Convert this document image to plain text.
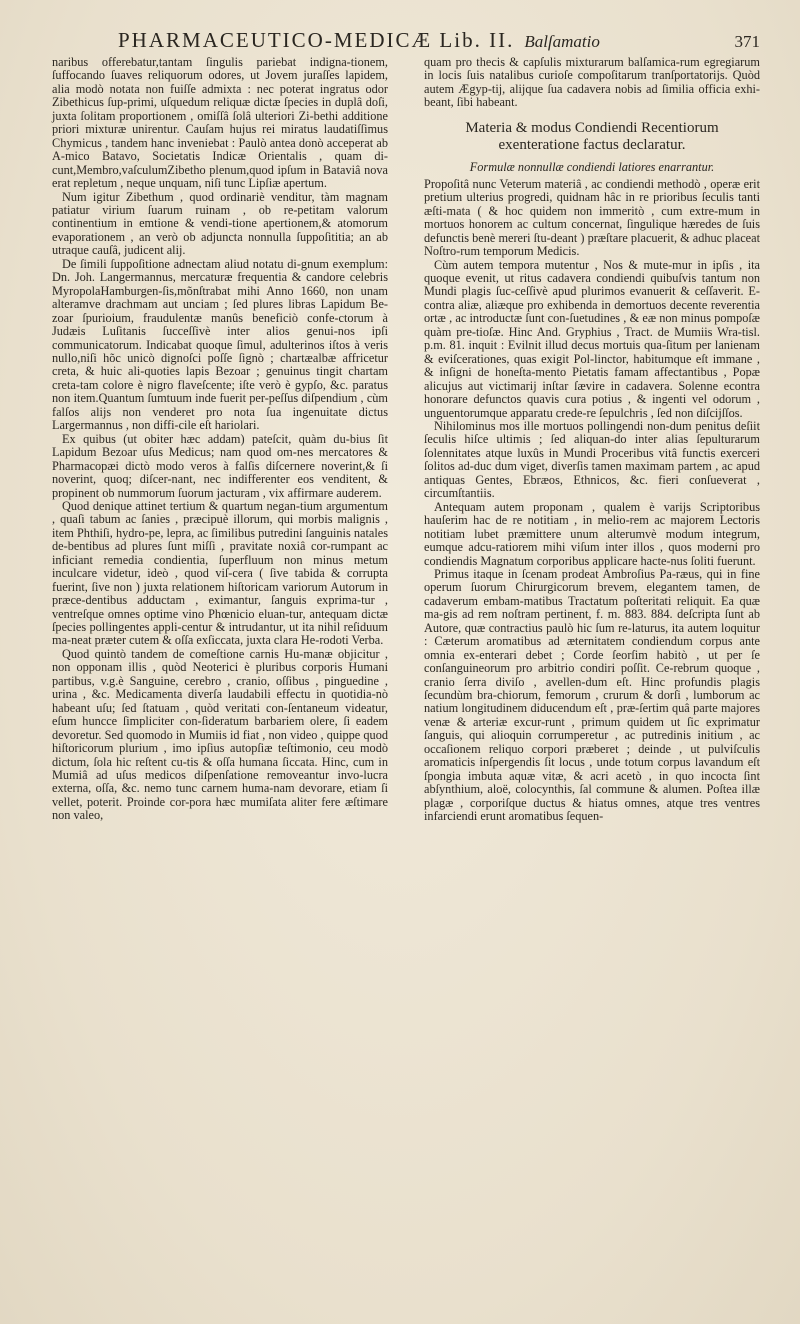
PHARMACEUTICO-MEDICÆ Lib. II. Balſamatio	371

naribus offerebatur,tantam ſingulis pariebat indigna-tionem, ſuffocando ſuaves reliquorum odores, ut Jovem juraſſes lapidem, alia modò notata non fuiſſe admixta : nec poterat ingratus odor Zibethicus ſup-primi, uſquedum reliquæ dictæ ſpecies in duplâ doſi, juxta ſolitam proportionem , omiſſâ ſolâ ulteriori Zi-bethi additione priori mixturæ unirentur. Cauſam hujus rei miratus laudatiſſimus Chymicus , tandem hanc inveniebat : Paulò antea donò acceperat ab A-mico Batavo, Societatis Indicæ Orientalis , quam di-cunt,Membro,vaſculumZibetho plenum,quod ipſum in Bataviâ nova erat repletum , neque unquam, niſi tunc Lipſiæ apertum.

Num igitur Zibethum , quod ordinariè venditur, tàm magnam patiatur virium ſuarum ruinam , ob re-petitam valorum continentium in emtione & vendi-tione apertionem,& atomorum evaporationem , an verò ob adjuncta nonnulla ſuppoſititia; an ab utraque cauſâ, judicent alij.

De ſimili ſuppoſitione adnectam aliud notatu di-gnum exemplum: Dn. Joh. Langermannus, mercaturæ frequentia & candore celebris MyropolaHamburgen-ſis,mõnſtrabat mihi Anno 1660, non unam alteramve drachmam aut unciam ; ſed plures libras Lapidum Be-zoar ſpurioium, fraudulentæ manûs beneficiò confe-ctorum à Judæis Luſitanis ſucceſſivè inter alios genui-nos ipſi communicatorum. Indicabat quoque ſimul, adulterinos iſtos à veris nullo,niſi hõc unicò dignoſci poſſe ſignò ; chartæalbæ affricetur creta, & huic ali-quoties lapis Bezoar ; genuinus tingit chartam creta-tam colore è nigro flaveſcente; iſte verò è gypſo, &c. paratus non item.Quantum ſumtuum inde fuerit per-peſſus diſpendium , cùm falſos alijs non venderet pro nota ſua ingenuitate dictus Largermannus , non diffi-cile eſt hariolari.

Ex quibus (ut obiter hæc addam) pateſcit, quàm du-bius ſit Lapidum Bezoar uſus Medicus; nam quod om-nes mercatores & Pharmacopæi dictò modo veros à falſis diſcernere noverint,& ſi noverint, quoq; diſcer-nant, nec indifferenter eos venditent, & propinent ob nummorum ſuorum jacturam , vix affirmare auderem.

Quod denique attinet tertium & quartum negan-tium argumentum , quaſi tabum ac ſanies , præcipuè illorum, qui morbis malignis , item Phthiſi, hydro-pe, lepra, ac ſimilibus putredini ſanguinis natales de-bentibus ad plures ſunt miſſi , pravitate noxiâ cor-rumpant ac inficiant remedia condientia, ſuperfluum non minus metum inculcare videtur, ideò , quod viſ-cera ( ſive tabida & corrupta fuerint, ſive non ) juxta relationem hiſtoricam variorum Autorum in præce-dentibus adductam , eximantur, ſanguis exprima-tur , ventreſque omnes optime vino Phœnicio eluan-tur, antequam dictæ ſpecies pollingentes appli-centur & intrudantur, ut ita nihil reſiduum ma-neat præter cutem & oſſa exſiccata, juxta clara He-rodoti Verba.

Quod quintò tandem de comeſtione carnis Hu-manæ objicitur , non opponam illis , quòd Neoterici è pluribus corporis Humani partibus, v.g.è Sanguine, cerebro , cranio, oſſibus , pinguedine , urina , &c. Medicamenta diverſa laudabili effectu in quotidia-nò habeant uſu; ſed ſtatuam , quòd veritati con-ſentaneum videatur, eſum huncce ſimpliciter con-ſideratum barbariem olere, ſi eadem devoretur. Sed quomodo in Mumiis id fiat , non video , quippe quod hiſtoricorum plurium , imo ipſius autopſiæ teſtimonio, ceu modò dictum, ſola hic reſtent cu-tis & oſſa humana ſiccata. Hinc, cum in Mumiâ ad uſus medicos diſpenſatione removeantur invo-lucra externa, oſſa, &c. nemo tunc carnem huma-nam devorare, etiam ſi vellet, poterit. Proinde cor-pora hæc mumiſata aliter fere æſtimare non valeo,

quam pro thecis & capſulis mixturarum balſamica-rum egregiarum in locis ſuis natalibus curioſe compoſitarum tranſportatorijs. Quòd autem Ægyp-tij, alijque ſua cadavera nobis ad ſimilia officia exhi-beant, ſibi habeant.

Materia & modus Condiendi Recentiorum exenteratione factus declaratur.
Formulæ nonnullæ condiendi latiores enarrantur.

Propoſitâ nunc Veterum materiâ , ac condiendi methodò , operæ erit pretium ulterius progredi, quidnam hâc in re prioribus ſeculis tanti æſti-mata ( & hoc quidem non immeritò , cum extre-mum in mortuos honorem ac cultum concernat, ſingulique hæredes de ſuis defunctis benè mereri ſtu-deant ) præſtare placuerit, & adhuc placeat Noſtro-rum temporum Medicis.

Cùm autem tempora mutentur , Nos & mute-mur in ipſis , ita quoque evenit, ut ritus cadavera condiendi quibuſvis tantum non Mundi plagis ſuc-ceſſivè apud plurimos evanuerit & ceſſaverit. E-contra aliæ, aliæque pro exhibenda in demortuos decente reverentia ortæ , ac introductæ ſunt con-ſuetudines , & eæ non minus pompoſæ quàm pre-tioſæ. Hinc And. Gryphius , Tract. de Mumiis Wra-tisl. p.m. 81. inquit : Evilnit illud decus mortuis qua-ſitum per lanienam & eviſcerationes, quas exigit Pol-linctor, habitumque eſt immane , & inſigni de honeſta-mento Pietatis famam affectantibus , Popæ alicujus aut victimarij inſtar ſævire in cadavera. Solenne econtra honorare defunctos quavis cura potius , & ingenti vel odorum , unguentorumque apparatu crede-re ſepulchris , ſed non diſcijſſos.

Nihilominus mos ille mortuos pollingendi non-dum penitus deſiit ſeculis hiſce ultimis ; ſed aliquan-do inter alias ſepulturarum ſolennitates atque luxûs in Mundi Proceribus vitâ functis exerceri ſolitos ad-duc dum viget, diverſis tamen maximam partem , ac apud antiquas Gentes, Ebræos, Ethnicos, &c. fieri conſueverat , circumſtantiis.

Antequam autem proponam , qualem è varijs Scriptoribus hauſerim hac de re notitiam , in melio-rem ac majorem Lectoris notitiam lubet præmittere unum alterumvè modum integrum, eumque adcu-ratiorem mihi viſum inter illos , quos moderni pro condiendis Magnatum corporibus applicare hacte-nus ſoliti fuerunt.

Primus itaque in ſcenam prodeat Ambroſius Pa-ræus, qui in fine operum ſuorum Chirurgicorum brevem, elegantem tamen, de cadaverum embam-matibus Tractatum poſteritati reliquit. Ea quæ ma-gis ad rem noſtram pertinent, f. m. 883. 884. deſcripta ſunt ab Autore, quæ contractius paulò hic ſum re-laturus, ita autem loquitur : Cæterum aromatibus ad æternitatem condiendum corpus ante omnia ex-enterari debet ; Corde ſeorſim habitò , ut per ſe conſanguineorum pro arbitrio condiri poſſit. Ce-rebrum quoque , cranio ſerra diviſo , avellen-dum eſt. Hinc profundis plagis ſecundùm bra-chiorum, femorum , crurum & dorſi , lumborum ac natium longitudinem diducendum eſt , præ-ſertim quâ parte majores venæ & arteriæ excur-runt , primum quidem ut ſic exprimatur ſanguis, qui alioquin corrumperetur , ac putredinis initium , ac occaſionem reliquo corpori præberet ; deinde , ut pulviſculis aromaticis inſpergendis ſit locus , unde totum corpus lavandum eſt ſpongia imbuta aquæ vitæ, & acri acetò , in quo incocta ſint abſynthium, aloë, colocynthis, ſal commune & alumen. Poſtea illæ plagæ , corporiſque ductus & hiatus omnes, atque tres ventres infarciendi erunt aromatibus ſequen-
